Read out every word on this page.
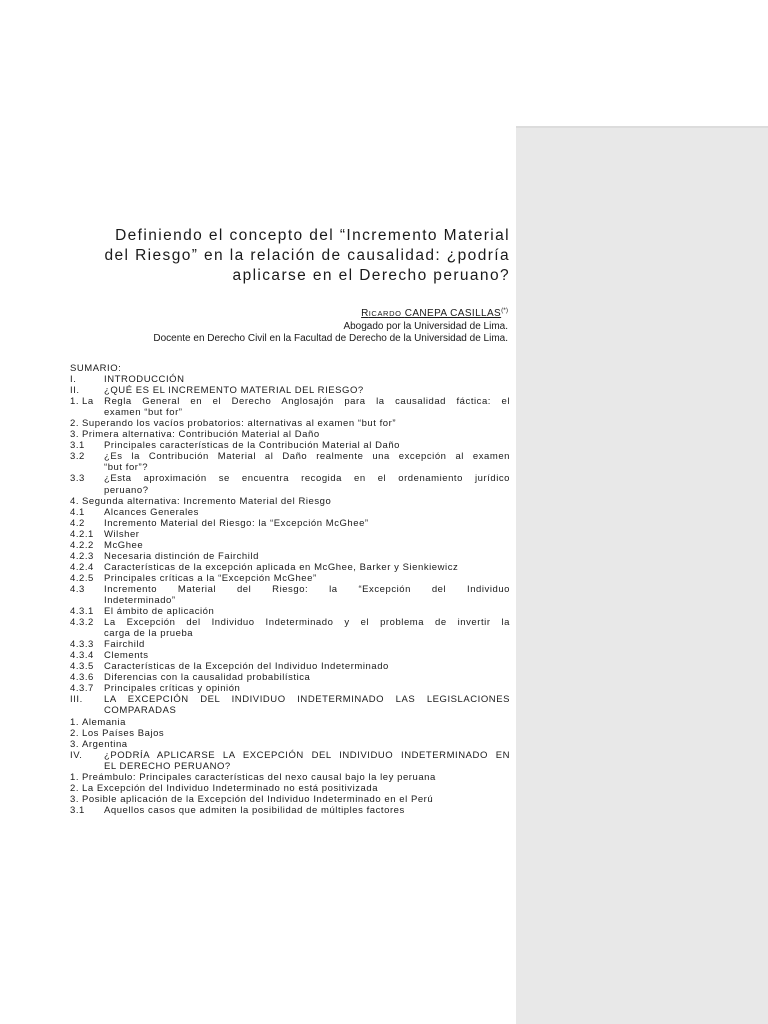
Definiendo el concepto del “Incremento Material
del Riesgo” en la relación de causalidad: ¿podría
aplicarse en el Derecho peruano?
RICARDO CANEPA CASILLAS(*)
Abogado por la Universidad de Lima.
Docente en Derecho Civil en la Facultad de Derecho de la Universidad de Lima.
SUMARIO:
I.	INTRODUCCIÓN
II.	¿QUÉ ES EL INCREMENTO MATERIAL DEL RIESGO?
1. La Regla General en el Derecho Anglosajón para la causalidad fáctica: el
examen “but for”
2. Superando los vacíos probatorios: alternativas al examen “but for”
3. Primera alternativa: Contribución Material al Daño
3.1	Principales características de la Contribución Material al Daño
3.2	¿Es la Contribución Material al Daño realmente una excepción al examen
“but for”?
3.3	¿Esta aproximación se encuentra recogida en el ordenamiento jurídico
peruano?
4. Segunda alternativa: Incremento Material del Riesgo
4.1	Alcances Generales
4.2	Incremento Material del Riesgo: la “Excepción McGhee”
4.2.1	Wilsher
4.2.2	McGhee
4.2.3	Necesaria distinción de Fairchild
4.2.4	Características de la excepción aplicada en McGhee, Barker y Sienkiewicz
4.2.5	Principales críticas a la “Excepción McGhee”
4.3	Incremento Material del Riesgo: la “Excepción del Individuo
Indeterminado”
4.3.1	El ámbito de aplicación
4.3.2	La Excepción del Individuo Indeterminado y el problema de invertir la
carga de la prueba
4.3.3	Fairchild
4.3.4	Clements
4.3.5	Características de la Excepción del Individuo Indeterminado
4.3.6	Diferencias con la causalidad probabilística
4.3.7	Principales críticas y opinión
III.	LA EXCEPCIÓN DEL INDIVIDUO INDETERMINADO LAS LEGISLACIONES
COMPARADAS
1. Alemania
2. Los Países Bajos
3. Argentina
IV.	¿PODRÍA APLICARSE LA EXCEPCIÓN DEL INDIVIDUO INDETERMINADO EN
EL DERECHO PERUANO?
1. Preámbulo: Principales características del nexo causal bajo la ley peruana
2. La Excepción del Individuo Indeterminado no está positivizada
3. Posible aplicación de la Excepción del Individuo Indeterminado en el Perú
3.1	Aquellos casos que admiten la posibilidad de múltiples factores
